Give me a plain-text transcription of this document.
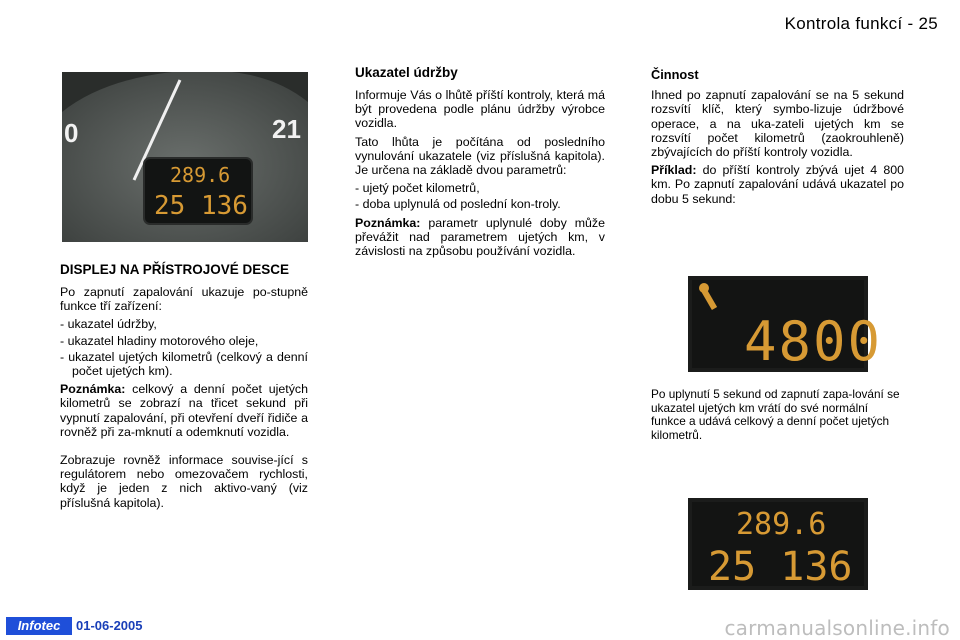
Kontrola funkcí - 25
0	21
289.6
25 136
DISPLEJ NA PŘÍSTROJOVÉ DESCE

Po zapnutí zapalování ukazuje po-stupně funkce tří zařízení:

- ukazatel údržby,
- ukazatel hladiny motorového oleje,
- ukazatel ujetých kilometrů (celkový a denní počet ujetých km).

Poznámka: celkový a denní počet ujetých kilometrů se zobrazí na třicet sekund při vypnutí zapalování, při otevření dveří řidiče a rovněž při za-mknutí a odemknutí vozidla.

Zobrazuje rovněž informace souvise-jící s regulátorem nebo omezovačem rychlosti, když je jeden z nich aktivo-vaný (viz příslušná kapitola).

Ukazatel údržby

Informuje Vás o lhůtě příští kontroly, která má být provedena podle plánu údržby výrobce vozidla.

Tato lhůta je počítána od posledního vynulování ukazatele (viz příslušná kapitola). Je určena na základě dvou parametrů:

- ujetý počet kilometrů,
- doba uplynulá od poslední kon-troly.

Poznámka: parametr uplynulé doby může převážit nad parametrem ujetých km, v závislosti na způsobu používání vozidla.

Činnost

Ihned po zapnutí zapalování se na 5 sekund rozsvítí klíč, který symbo-lizuje údržbové operace, a na uka-zateli ujetých km se rozsvítí počet kilometrů (zaokrouhleně) zbývajících do příští kontroly vozidla.

Příklad: do příští kontroly zbývá ujet 4 800 km. Po zapnutí zapalování udává ukazatel po dobu 5 sekund:

4800
Po uplynutí 5 sekund od zapnutí zapa-lování se ukazatel ujetých km vrátí do své normální funkce a udává celkový a denní počet ujetých kilometrů.
289.6
25 136
Infotec	01-06-2005	carmanualsonline.info
